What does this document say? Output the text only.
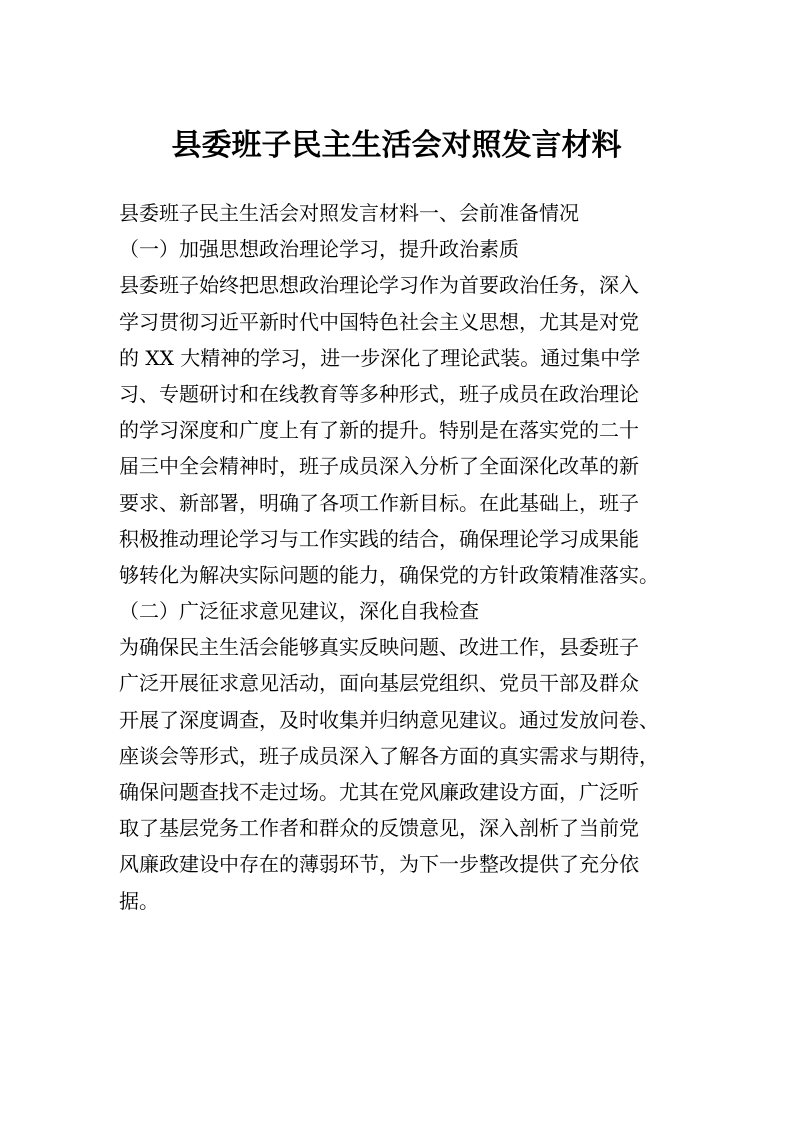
县委班子民主生活会对照发言材料
县委班子民主生活会对照发言材料一、会前准备情况
（一）加强思想政治理论学习，提升政治素质
县委班子始终把思想政治理论学习作为首要政治任务，深入
学习贯彻习近平新时代中国特色社会主义思想，尤其是对党
的 XX 大精神的学习，进一步深化了理论武装。通过集中学
习、专题研讨和在线教育等多种形式，班子成员在政治理论
的学习深度和广度上有了新的提升。特别是在落实党的二十
届三中全会精神时，班子成员深入分析了全面深化改革的新
要求、新部署，明确了各项工作新目标。在此基础上，班子
积极推动理论学习与工作实践的结合，确保理论学习成果能
够转化为解决实际问题的能力，确保党的方针政策精准落实。
（二）广泛征求意见建议，深化自我检查
为确保民主生活会能够真实反映问题、改进工作，县委班子
广泛开展征求意见活动，面向基层党组织、党员干部及群众
开展了深度调查，及时收集并归纳意见建议。通过发放问卷、
座谈会等形式，班子成员深入了解各方面的真实需求与期待，
确保问题查找不走过场。尤其在党风廉政建设方面，广泛听
取了基层党务工作者和群众的反馈意见，深入剖析了当前党
风廉政建设中存在的薄弱环节，为下一步整改提供了充分依
据。
